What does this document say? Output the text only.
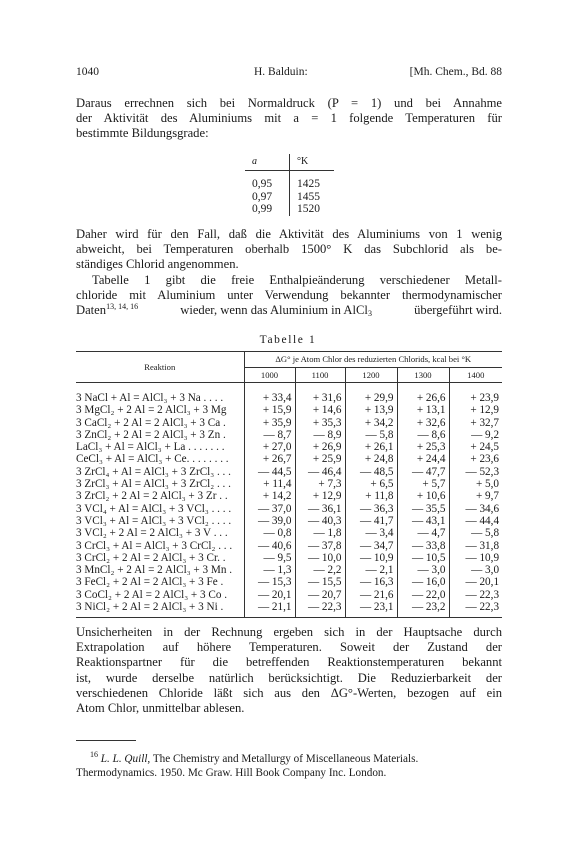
1040	H. Balduin:	[Mh. Chem., Bd. 88
Daraus errechnen sich bei Normaldruck (P = 1) und bei Annahme
der Aktivität des Aluminiums mit a = 1 folgende Temperaturen für
bestimmte Bildungsgrade:
a	°K

0,95	1425
0,97	1455
0,99	1520
Daher wird für den Fall, daß die Aktivität des Aluminiums von 1 wenig
abweicht, bei Temperaturen oberhalb 1500° K das Subchlorid als be-
ständiges Chlorid angenommen.
Tabelle 1 gibt die freie Enthalpieänderung verschiedener Metall-
chloride mit Aluminium unter Verwendung bekannter thermodynamischer
Daten$^{13, 14, 16}$	wieder, wenn das Aluminium in AlCl$_3$	übergeführt wird.
Tabelle 1
Reaktion	ΔG° je Atom Chlor des reduzierten Chlorids, kcal bei °K				
	1000	1100	1200	1300	1400

3 NaCl + Al = AlCl₃ + 3 Na . . . .	+ 33,4	+ 31,6	+ 29,9	+ 26,6	+ 23,9
3 MgCl₂ + 2 Al = 2 AlCl₃ + 3 Mg	+ 15,9	+ 14,6	+ 13,9	+ 13,1	+ 12,9
3 CaCl₂ + 2 Al = 2 AlCl₃ + 3 Ca .	+ 35,9	+ 35,3	+ 34,2	+ 32,6	+ 32,7
3 ZnCl₂ + 2 Al = 2 AlCl₃ + 3 Zn .	— 8,7	— 8,9	— 5,8	— 8,6	— 9,2
LaCl₃ + Al = AlCl₃ + La . . . . . . .	+ 27,0	+ 26,9	+ 26,1	+ 25,3	+ 24,5
CeCl₃ + Al = AlCl₃ + Ce. . . . . . . .	+ 26,7	+ 25,9	+ 24,8	+ 24,4	+ 23,6
3 ZrCl₄ + Al = AlCl₃ + 3 ZrCl₃ . . .	— 44,5	— 46,4	— 48,5	— 47,7	— 52,3
3 ZrCl₃ + Al = AlCl₃ + 3 ZrCl₂ . . .	+ 11,4	+ 7,3	+ 6,5	+ 5,7	+ 5,0
3 ZrCl₂ + 2 Al = 2 AlCl₃ + 3 Zr . .	+ 14,2	+ 12,9	+ 11,8	+ 10,6	+ 9,7
3 VCl₄ + Al = AlCl₃ + 3 VCl₃ . . . .	— 37,0	— 36,1	— 36,3	— 35,5	— 34,6
3 VCl₃ + Al = AlCl₃ + 3 VCl₂ . . . .	— 39,0	— 40,3	— 41,7	— 43,1	— 44,4
3 VCl₂ + 2 Al = 2 AlCl₃ + 3 V . . .	— 0,8	— 1,8	— 3,4	— 4,7	— 5,8
3 CrCl₃ + Al = AlCl₃ + 3 CrCl₂ . . .	— 40,6	— 37,8	— 34,7	— 33,8	— 31,8
3 CrCl₂ + 2 Al = 2 AlCl₃ + 3 Cr. .	— 9,5	— 10,0	— 10,9	— 10,5	— 10,9
3 MnCl₂ + 2 Al = 2 AlCl₃ + 3 Mn .	— 1,3	— 2,2	— 2,1	— 3,0	— 3,0
3 FeCl₂ + 2 Al = 2 AlCl₃ + 3 Fe .	— 15,3	— 15,5	— 16,3	— 16,0	— 20,1
3 CoCl₂ + 2 Al = 2 AlCl₃ + 3 Co .	— 20,1	— 20,7	— 21,6	— 22,0	— 22,3
3 NiCl₂ + 2 Al = 2 AlCl₃ + 3 Ni .	— 21,1	— 22,3	— 23,1	— 23,2	— 22,3

Unsicherheiten in der Rechnung ergeben sich in der Hauptsache durch
Extrapolation auf höhere Temperaturen. Soweit der Zustand der
Reaktionspartner für die betreffenden Reaktionstemperaturen bekannt
ist, wurde derselbe natürlich berücksichtigt. Die Reduzierbarkeit der
verschiedenen Chloride läßt sich aus den ΔG°-Werten, bezogen auf ein
Atom Chlor, unmittelbar ablesen.
$^{16}$ L. L. Quill, The Chemistry and Metallurgy of Miscellaneous Materials.
Thermodynamics. 1950. Mc Graw. Hill Book Company Inc. London.
